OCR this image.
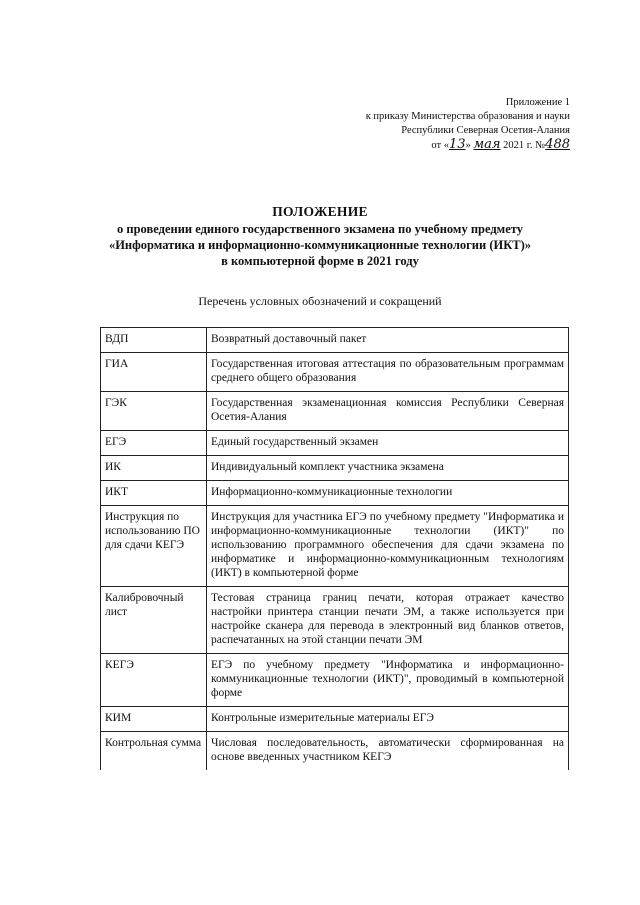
Приложение 1
к приказу Министерства образования и науки
Республики Северная Осетия-Алания
от «13» мая 2021 г. №488
ПОЛОЖЕНИЕ
о проведении единого государственного экзамена по учебному предмету
«Информатика и информационно-коммуникационные технологии (ИКТ)»
в компьютерной форме в 2021 году
Перечень условных обозначений и сокращений
ВДП	Возвратный доставочный пакет
ГИА	Государственная итоговая аттестация по образовательным программам среднего общего образования
ГЭК	Государственная экзаменационная комиссия Республики Северная Осетия-Алания
ЕГЭ	Единый государственный экзамен
ИК	Индивидуальный комплект участника экзамена
ИКТ	Информационно-коммуникационные технологии
Инструкция по использованию ПО для сдачи КЕГЭ	Инструкция для участника ЕГЭ по учебному предмету "Информатика и информационно-коммуникационные технологии (ИКТ)" по использованию программного обеспечения для сдачи экзамена по информатике и информационно-коммуникационным технологиям (ИКТ) в компьютерной форме
Калибровочный лист	Тестовая страница границ печати, которая отражает качество настройки принтера станции печати ЭМ, а также используется при настройке сканера для перевода в электронный вид бланков ответов, распечатанных на этой станции печати ЭМ
КЕГЭ	ЕГЭ по учебному предмету "Информатика и информационно-коммуникационные технологии (ИКТ)", проводимый в компьютерной форме
КИМ	Контрольные измерительные материалы ЕГЭ
Контрольная сумма	Числовая последовательность, автоматически сформированная на основе введенных участником КЕГЭ
